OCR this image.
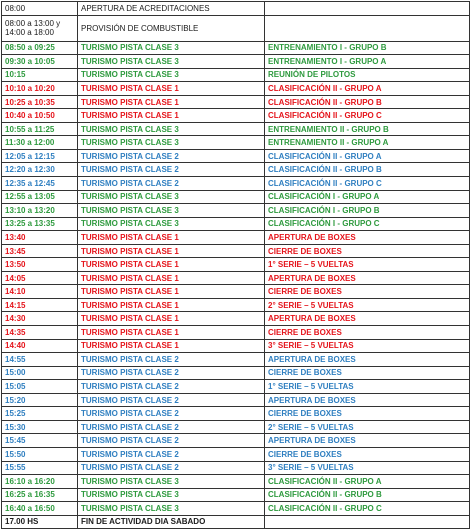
08:00	APERTURA DE ACREDITACIONES	
08:00 a 13:00 y
14:00 a 18:00	PROVISIÓN DE COMBUSTIBLE	
08:50 a 09:25	TURISMO PISTA CLASE 3	ENTRENAMIENTO I - GRUPO B
09:30 a 10:05	TURISMO PISTA CLASE 3	ENTRENAMIENTO I - GRUPO A
10:15	TURISMO PISTA CLASE 3	REUNIÓN DE PILOTOS
10:10 a 10:20	TURISMO PISTA CLASE 1	CLASIFICACIÓN II - GRUPO A
10:25 a 10:35	TURISMO PISTA CLASE 1	CLASIFICACIÓN II - GRUPO B
10:40 a 10:50	TURISMO PISTA CLASE 1	CLASIFICACIÓN II - GRUPO C
10:55 a 11:25	TURISMO PISTA CLASE 3	ENTRENAMIENTO II - GRUPO B
11:30 a 12:00	TURISMO PISTA CLASE 3	ENTRENAMIENTO II - GRUPO A
12:05 a 12:15	TURISMO PISTA CLASE 2	CLASIFICACIÓN II - GRUPO A
12:20 a 12:30	TURISMO PISTA CLASE 2	CLASIFICACIÓN II - GRUPO B
12:35 a 12:45	TURISMO PISTA CLASE 2	CLASIFICACIÓN II - GRUPO C
12:55 a 13:05	TURISMO PISTA CLASE 3	CLASIFICACIÓN I - GRUPO A
13:10 a 13:20	TURISMO PISTA CLASE 3	CLASIFICACIÓN I - GRUPO B
13:25 a 13:35	TURISMO PISTA CLASE 3	CLASIFICACIÓN I - GRUPO C
13:40	TURISMO PISTA CLASE 1	APERTURA DE BOXES
13:45	TURISMO PISTA CLASE 1	CIERRE DE BOXES
13:50	TURISMO PISTA CLASE 1	1° SERIE – 5 VUELTAS
14:05	TURISMO PISTA CLASE 1	APERTURA DE BOXES
14:10	TURISMO PISTA CLASE 1	CIERRE DE BOXES
14:15	TURISMO PISTA CLASE 1	2° SERIE – 5 VUELTAS
14:30	TURISMO PISTA CLASE 1	APERTURA DE BOXES
14:35	TURISMO PISTA CLASE 1	CIERRE DE BOXES
14:40	TURISMO PISTA CLASE 1	3° SERIE – 5 VUELTAS
14:55	TURISMO PISTA CLASE 2	APERTURA DE BOXES
15:00	TURISMO PISTA CLASE 2	CIERRE DE BOXES
15:05	TURISMO PISTA CLASE 2	1° SERIE – 5 VUELTAS
15:20	TURISMO PISTA CLASE 2	APERTURA DE BOXES
15:25	TURISMO PISTA CLASE 2	CIERRE DE BOXES
15:30	TURISMO PISTA CLASE 2	2° SERIE – 5 VUELTAS
15:45	TURISMO PISTA CLASE 2	APERTURA DE BOXES
15:50	TURISMO PISTA CLASE 2	CIERRE DE BOXES
15:55	TURISMO PISTA CLASE 2	3° SERIE – 5 VUELTAS
16:10 a 16:20	TURISMO PISTA CLASE 3	CLASIFICACIÓN II - GRUPO A
16:25 a 16:35	TURISMO PISTA CLASE 3	CLASIFICACIÓN II - GRUPO B
16:40 a 16:50	TURISMO PISTA CLASE 3	CLASIFICACIÓN II - GRUPO C
17.00 HS	FIN DE ACTIVIDAD DIA SABADO	
